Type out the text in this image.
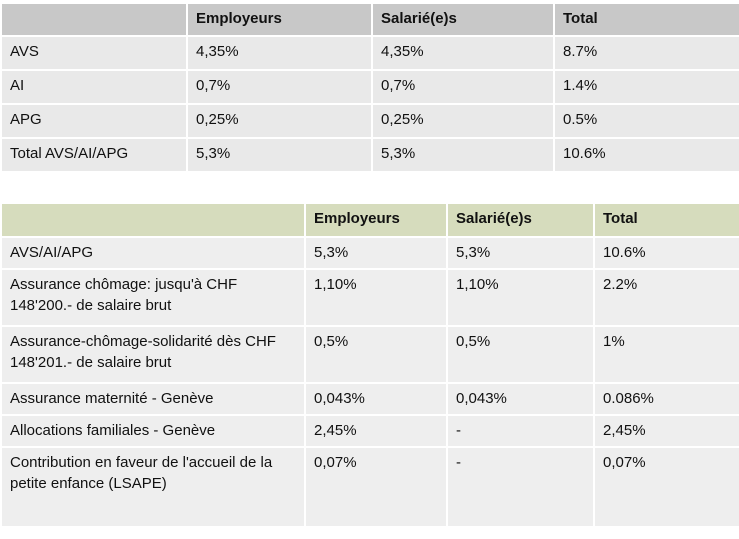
	Employeurs	Salarié(e)s	Total
AVS	4,35%	4,35%	8.7%
AI	0,7%	0,7%	1.4%
APG	0,25%	0,25%	0.5%
Total AVS/AI/APG	5,3%	5,3%	10.6%
	Employeurs	Salarié(e)s	Total
AVS/AI/APG	5,3%	5,3%	10.6%
Assurance chômage: jusqu'à CHF 148'200.- de salaire brut	1,10%	1,10%	2.2%
Assurance-chômage-solidarité dès CHF 148'201.- de salaire brut	0,5%	0,5%	1%
Assurance maternité - Genève	0,043%	0,043%	0.086%
Allocations familiales - Genève	2,45%	-	2,45%
Contribution en faveur de l'accueil de la petite enfance (LSAPE)	0,07%	-	0,07%
